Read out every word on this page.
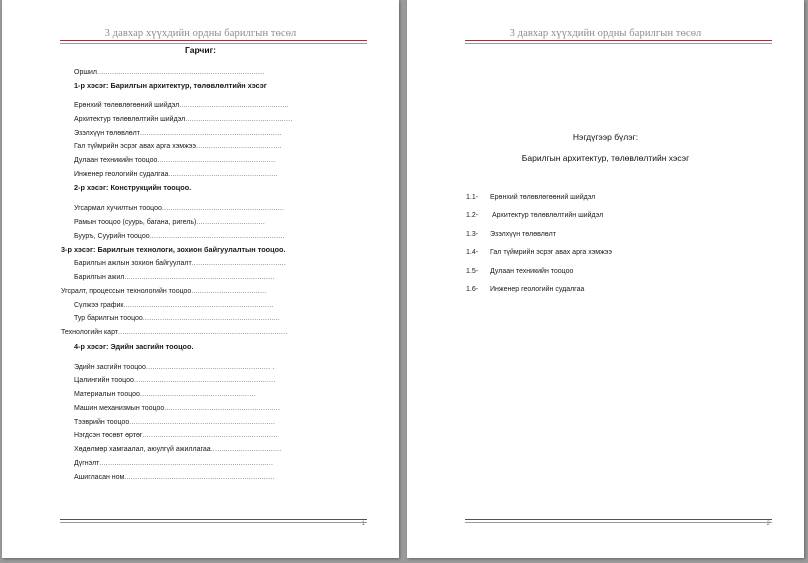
3 давхар хүүхдийн ордны барилгын төсөл
Гарчиг:
Оршил..............................................................................
1-р хэсэг: Барилгын архитектур, төлөвлөлтийн хэсэг
Ерөнхий төлөвлөгөөний шийдэл...................................................
Архитектур төлөвлөлтийн шийдэл..................................................
Эзэлхүүн төлөвлөлт..................................................................
Гал түймрийн эсрэг авах арга хэмжээ........................................
Дулаан техникийн тооцоо.......................................................
Инженер геологийн судалгаа...................................................
2-р хэсэг: Конструкцийн тооцоо.
Угсармал хучилтын тооцоо.........................................................
Рамын тооцоо (суурь, багана, ригель)................................
Бууръ, Суурийн тооцоо...............................................................
3-р хэсэг: Барилгын технологи, зохион байгуулалтын тооцоо.
Барилгын ажлын зохион байгуулалт............................................
Барилгын ажил......................................................................
Угсралт, процессын технологийн тооцоо...................................
Сүлжээ график......................................................................
Тур барилгын тооцоо................................................................
Технологийн карт...............................................................................
4-р хэсэг: Эдийн засгийн тооцоо.
Эдийн засгийн тооцоо.......................................................... .
Цалингийн тооцоо..................................................................
Материалын тооцоо......................................................
Машин механизмын тооцоо......................................................
Тээврийн тооцоо....................................................................
Нэгдсэн төсөвт өртөг...............................................................
Хөдөлмөр хамгаалал, аюулгүй ажиллагаа.................................
Дүгнэлт.................................................................................
Ашигласан ном......................................................................
1
3 давхар хүүхдийн ордны барилгын төсөл
Нэгдүгээр бүлэг:
Барилгын архитектур, төлөвлөлтийн хэсэг
1.1- Ерөнхий төлөвлөгөөний шийдэл
1.2- Архитектур төлөвлөлтийн шийдэл
1.3- Эзэлхүүн төлөвлөлт
1.4- Гал түймрийн эсрэг авах арга хэмжээ
1.5- Дулаан техникийн тооцоо
1.6- Инженер геологийн судалгаа
2
